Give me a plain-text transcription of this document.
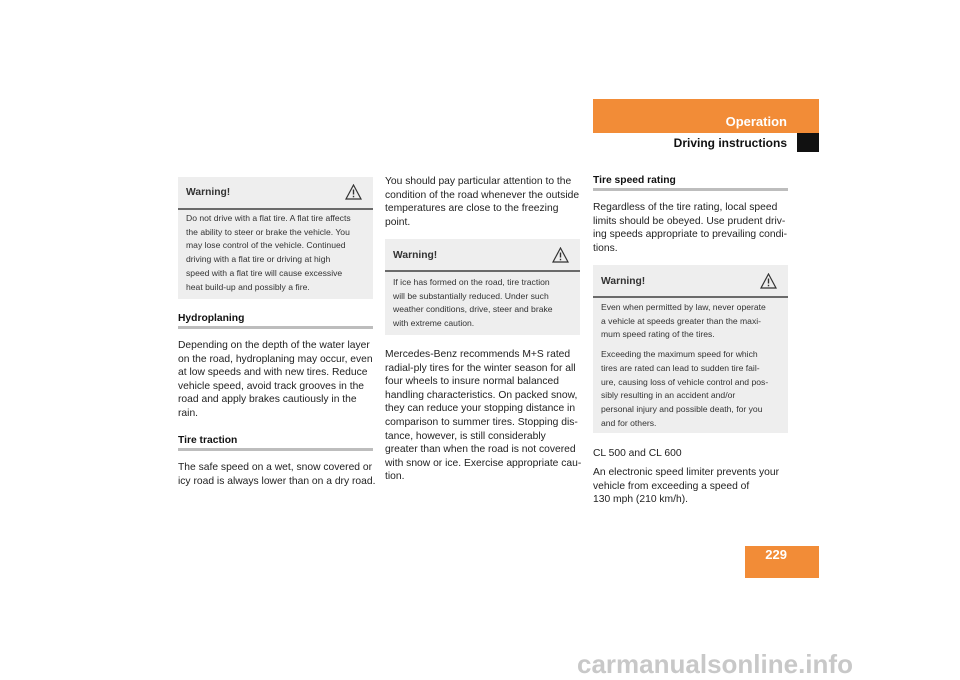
Operation
Driving instructions
Warning!
Do not drive with a flat tire. A flat tire affects
the ability to steer or brake the vehicle. You
may lose control of the vehicle. Continued
driving with a flat tire or driving at high
speed with a flat tire will cause excessive
heat build-up and possibly a fire.
Hydroplaning
Depending on the depth of the water layer
on the road, hydroplaning may occur, even
at low speeds and with new tires. Reduce
vehicle speed, avoid track grooves in the
road and apply brakes cautiously in the
rain.
Tire traction
The safe speed on a wet, snow covered or
icy road is always lower than on a dry road.
You should pay particular attention to the
condition of the road whenever the outside
temperatures are close to the freezing
point.
Warning!
If ice has formed on the road, tire traction
will be substantially reduced. Under such
weather conditions, drive, steer and brake
with extreme caution.
Mercedes-Benz recommends M+S rated
radial-ply tires for the winter season for all
four wheels to insure normal balanced
handling characteristics. On packed snow,
they can reduce your stopping distance in
comparison to summer tires. Stopping dis-
tance, however, is still considerably
greater than when the road is not covered
with snow or ice. Exercise appropriate cau-
tion.
Tire speed rating
Regardless of the tire rating, local speed
limits should be obeyed. Use prudent driv-
ing speeds appropriate to prevailing condi-
tions.
Warning!
Even when permitted by law, never operate
a vehicle at speeds greater than the maxi-
mum speed rating of the tires.
Exceeding the maximum speed for which
tires are rated can lead to sudden tire fail-
ure, causing loss of vehicle control and pos-
sibly resulting in an accident and/or
personal injury and possible death, for you
and for others.
CL 500 and CL 600
An electronic speed limiter prevents your
vehicle from exceeding a speed of
130 mph (210 km/h).
229
carmanualsonline.info
